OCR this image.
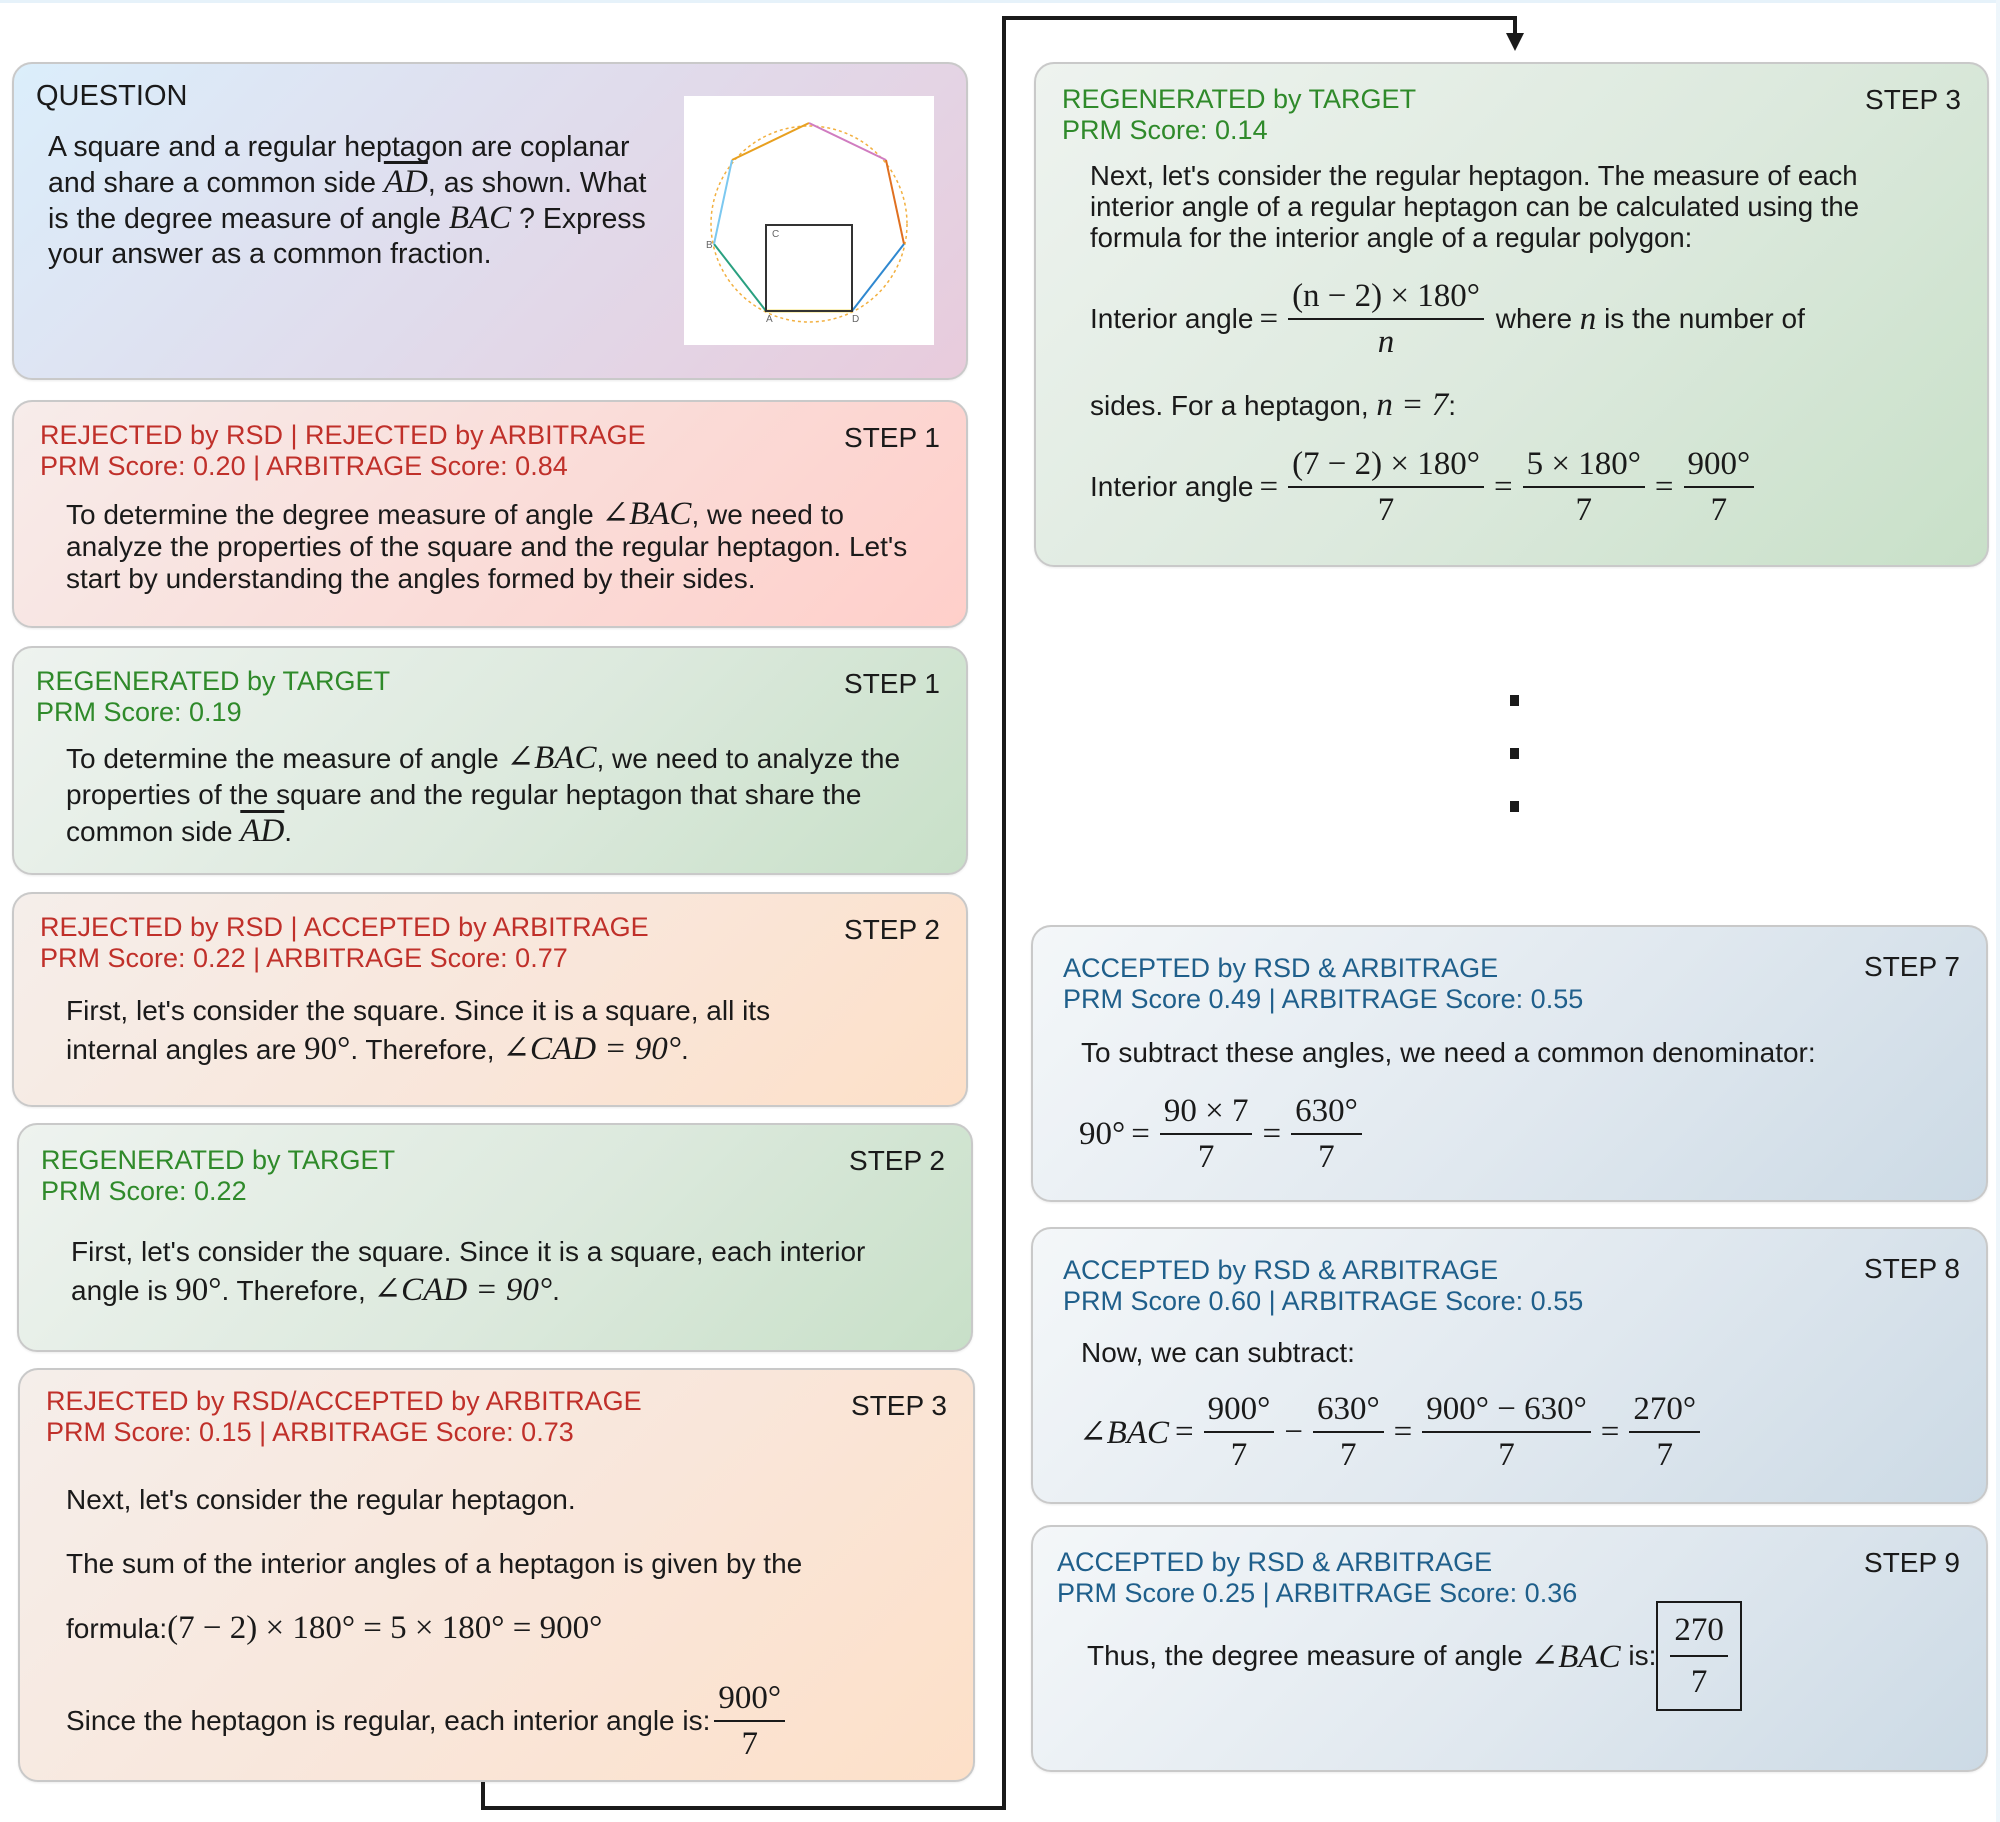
QUESTION
A square and a regular heptagon are coplanar and share a common side $\overline{AD}$, as shown. What is the degree measure of angle BAC ? Express your answer as a common fraction.
C
B
A	D
REJECTED by RSD | REJECTED by ARBITRAGE
PRM Score: 0.20 | ARBITRAGE Score: 0.84
STEP 1
To determine the degree measure of angle ∠BAC, we need to analyze the properties of the square and the regular heptagon. Let's start by understanding the angles formed by their sides.
REGENERATED by TARGET
PRM Score: 0.19
STEP 1
To determine the measure of angle ∠BAC, we need to analyze the properties of the square and the regular heptagon that share the common side $\overline{AD}$.
REJECTED by RSD | ACCEPTED by ARBITRAGE
PRM Score: 0.22 | ARBITRAGE Score: 0.77
STEP 2
First, let's consider the square. Since it is a square, all its internal angles are 90°. Therefore, ∠CAD = 90°.
REGENERATED by TARGET
PRM Score: 0.22
STEP 2
First, let's consider the square. Since it is a square, each interior angle is 90°. Therefore, ∠CAD = 90°.
REJECTED by RSD/ACCEPTED by ARBITRAGE
PRM Score: 0.15 | ARBITRAGE Score: 0.73
STEP 3
Next, let's consider the regular heptagon.
The sum of the interior angles of a heptagon is given by the
formula: (7 − 2) × 180° = 5 × 180° = 900°
Since the heptagon is regular, each interior angle is: $\frac{900^\circ}{7}$
REGENERATED by TARGET
PRM Score: 0.14
STEP 3
Next, let's consider the regular heptagon. The measure of each interior angle of a regular heptagon can be calculated using the formula for the interior angle of a regular polygon:
Interior angle = $\frac{(n - 2) \times 180^\circ}{n}$ where n is the number of
sides. For a heptagon, n = 7 :
Interior angle = $\frac{(7 - 2) \times 180^\circ}{7} = \frac{5 \times 180^\circ}{7} = \frac{900^\circ}{7}$
ACCEPTED by RSD & ARBITRAGE
PRM Score 0.49 | ARBITRAGE Score: 0.55
STEP 7
To subtract these angles, we need a common denominator:
$90^\circ = \frac{90 \times 7}{7} = \frac{630^\circ}{7}$
ACCEPTED by RSD & ARBITRAGE
PRM Score 0.60 | ARBITRAGE Score: 0.55
STEP 8
Now, we can subtract:
∠BAC = $\frac{900^\circ}{7} - \frac{630^\circ}{7} = \frac{900^\circ - 630^\circ}{7} = \frac{270^\circ}{7}$
ACCEPTED by RSD & ARBITRAGE
PRM Score 0.25 | ARBITRAGE Score: 0.36
STEP 9
Thus, the degree measure of angle ∠BAC is: $\frac{270}{7}$
